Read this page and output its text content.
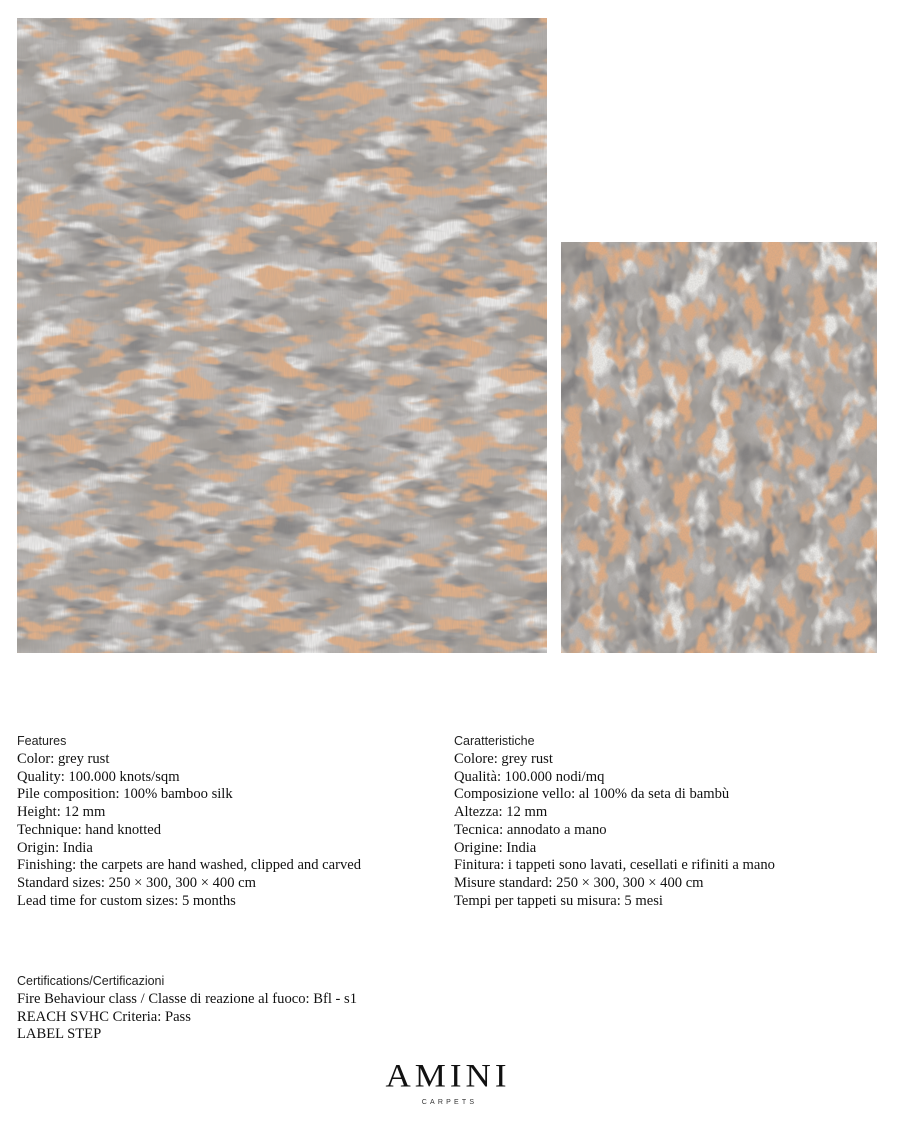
Features
Color: grey rust
Quality: 100.000 knots/sqm
Pile composition: 100% bamboo silk
Height: 12 mm
Technique: hand knotted
Origin: India
Finishing: the carpets are hand washed, clipped and carved
Standard sizes: 250 × 300, 300 × 400 cm
Lead time for custom sizes: 5 months
Caratteristiche
Colore: grey rust
Qualità: 100.000 nodi/mq
Composizione vello: al 100% da seta di bambù
Altezza: 12 mm
Tecnica: annodato a mano
Origine: India
Finitura: i tappeti sono lavati, cesellati e rifiniti a mano
Misure standard: 250 × 300, 300 × 400 cm
Tempi per tappeti su misura: 5 mesi
Certifications/Certificazioni
Fire Behaviour class / Classe di reazione al fuoco: Bfl - s1
REACH SVHC Criteria: Pass
LABEL STEP
AMINI
CARPETS
